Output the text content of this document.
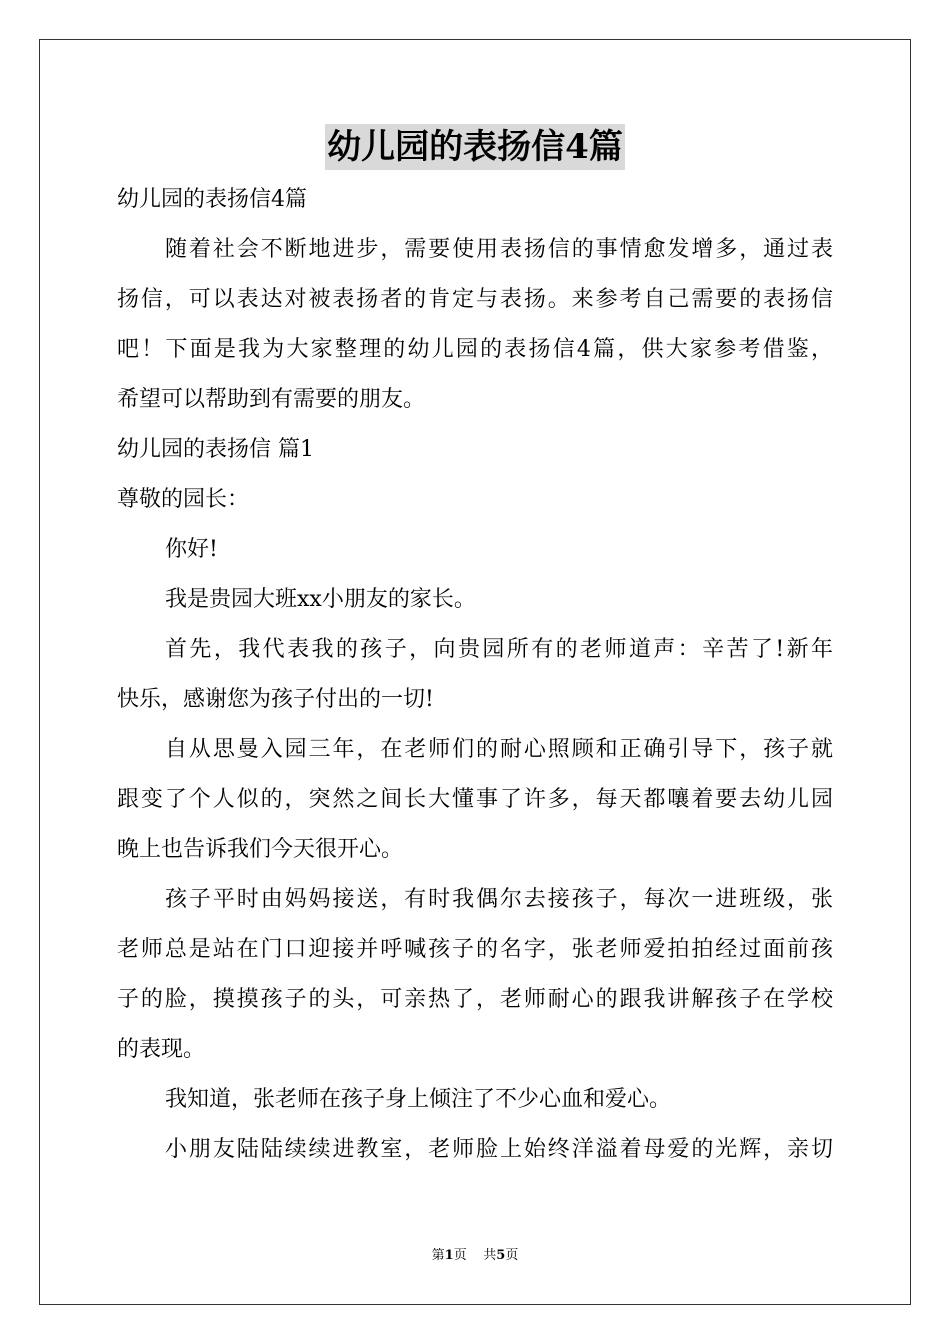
幼儿园的表扬信4篇
幼儿园的表扬信4篇
随着社会不断地进步，需要使用表扬信的事情愈发增多，通过表
扬信，可以表达对被表扬者的肯定与表扬。来参考自己需要的表扬信
吧！下面是我为大家整理的幼儿园的表扬信4篇，供大家参考借鉴，
希望可以帮助到有需要的朋友。
幼儿园的表扬信 篇1
尊敬的园长：
你好!
我是贵园大班xx小朋友的家长。
首先，我代表我的孩子，向贵园所有的老师道声：辛苦了!新年
快乐，感谢您为孩子付出的一切!
自从思曼入园三年，在老师们的耐心照顾和正确引导下，孩子就
跟变了个人似的，突然之间长大懂事了许多，每天都嚷着要去幼儿园
晚上也告诉我们今天很开心。
孩子平时由妈妈接送，有时我偶尔去接孩子，每次一进班级，张
老师总是站在门口迎接并呼喊孩子的名字，张老师爱拍拍经过面前孩
子的脸，摸摸孩子的头，可亲热了，老师耐心的跟我讲解孩子在学校
的表现。
我知道，张老师在孩子身上倾注了不少心血和爱心。
小朋友陆陆续续进教室，老师脸上始终洋溢着母爱的光辉，亲切
第1页 共5页
